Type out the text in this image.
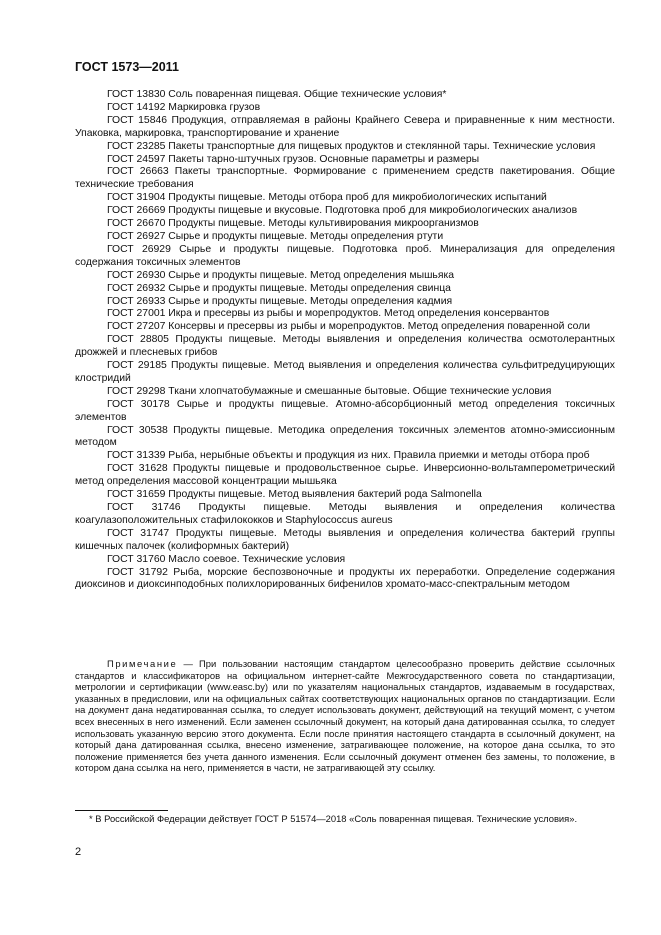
ГОСТ 1573—2011

ГОСТ 13830 Соль поваренная пищевая. Общие технические условия*

ГОСТ 14192 Маркировка грузов

ГОСТ 15846 Продукция, отправляемая в районы Крайнего Севера и приравненные к ним местности. Упаковка, маркировка, транспортирование и хранение

ГОСТ 23285 Пакеты транспортные для пищевых продуктов и стеклянной тары. Технические условия

ГОСТ 24597 Пакеты тарно-штучных грузов. Основные параметры и размеры

ГОСТ 26663 Пакеты транспортные. Формирование с применением средств пакетирования. Общие технические требования

ГОСТ 31904 Продукты пищевые. Методы отбора проб для микробиологических испытаний

ГОСТ 26669 Продукты пищевые и вкусовые. Подготовка проб для микробиологических анализов

ГОСТ 26670 Продукты пищевые. Методы культивирования микроорганизмов

ГОСТ 26927 Сырье и продукты пищевые. Методы определения ртути

ГОСТ 26929 Сырье и продукты пищевые. Подготовка проб. Минерализация для определения содержания токсичных элементов

ГОСТ 26930 Сырье и продукты пищевые. Метод определения мышьяка

ГОСТ 26932 Сырье и продукты пищевые. Методы определения свинца

ГОСТ 26933 Сырье и продукты пищевые. Методы определения кадмия

ГОСТ 27001 Икра и пресервы из рыбы и морепродуктов. Метод определения консервантов

ГОСТ 27207 Консервы и пресервы из рыбы и морепродуктов. Метод определения поваренной соли

ГОСТ 28805 Продукты пищевые. Методы выявления и определения количества осмотолерантных дрожжей и плесневых грибов

ГОСТ 29185 Продукты пищевые. Метод выявления и определения количества сульфитредуцирующих клостридий

ГОСТ 29298 Ткани хлопчатобумажные и смешанные бытовые. Общие технические условия

ГОСТ 30178 Сырье и продукты пищевые. Атомно-абсорбционный метод определения токсичных элементов

ГОСТ 30538 Продукты пищевые. Методика определения токсичных элементов атомно-эмиссионным методом

ГОСТ 31339 Рыба, нерыбные объекты и продукция из них. Правила приемки и методы отбора проб

ГОСТ 31628 Продукты пищевые и продовольственное сырье. Инверсионно-вольтамперометрический метод определения массовой концентрации мышьяка

ГОСТ 31659 Продукты пищевые. Метод выявления бактерий рода Salmonella

ГОСТ 31746 Продукты пищевые. Методы выявления и определения количества коагулазоположительных стафилококков и Staphylococcus aureus

ГОСТ 31747 Продукты пищевые. Методы выявления и определения количества бактерий группы кишечных палочек (колиформных бактерий)

ГОСТ 31760 Масло соевое. Технические условия

ГОСТ 31792 Рыба, морские беспозвоночные и продукты их переработки. Определение содержания диоксинов и диоксинподобных полихлорированных бифенилов хромато-масс-спектральным методом

Примечание — При пользовании настоящим стандартом целесообразно проверить действие ссылочных стандартов и классификаторов на официальном интернет-сайте Межгосударственного совета по стандартизации, метрологии и сертификации (www.easc.by) или по указателям национальных стандартов, издаваемым в государствах, указанных в предисловии, или на официальных сайтах соответствующих национальных органов по стандартизации. Если на документ дана недатированная ссылка, то следует использовать документ, действующий на текущий момент, с учетом всех внесенных в него изменений. Если заменен ссылочный документ, на который дана датированная ссылка, то следует использовать указанную версию этого документа. Если после принятия настоящего стандарта в ссылочный документ, на который дана датированная ссылка, внесено изменение, затрагивающее положение, на которое дана ссылка, то это положение применяется без учета данного изменения. Если ссылочный документ отменен без замены, то положение, в котором дана ссылка на него, применяется в части, не затрагивающей эту ссылку.

* В Российской Федерации действует ГОСТ Р 51574—2018 «Соль поваренная пищевая. Технические условия».

2
